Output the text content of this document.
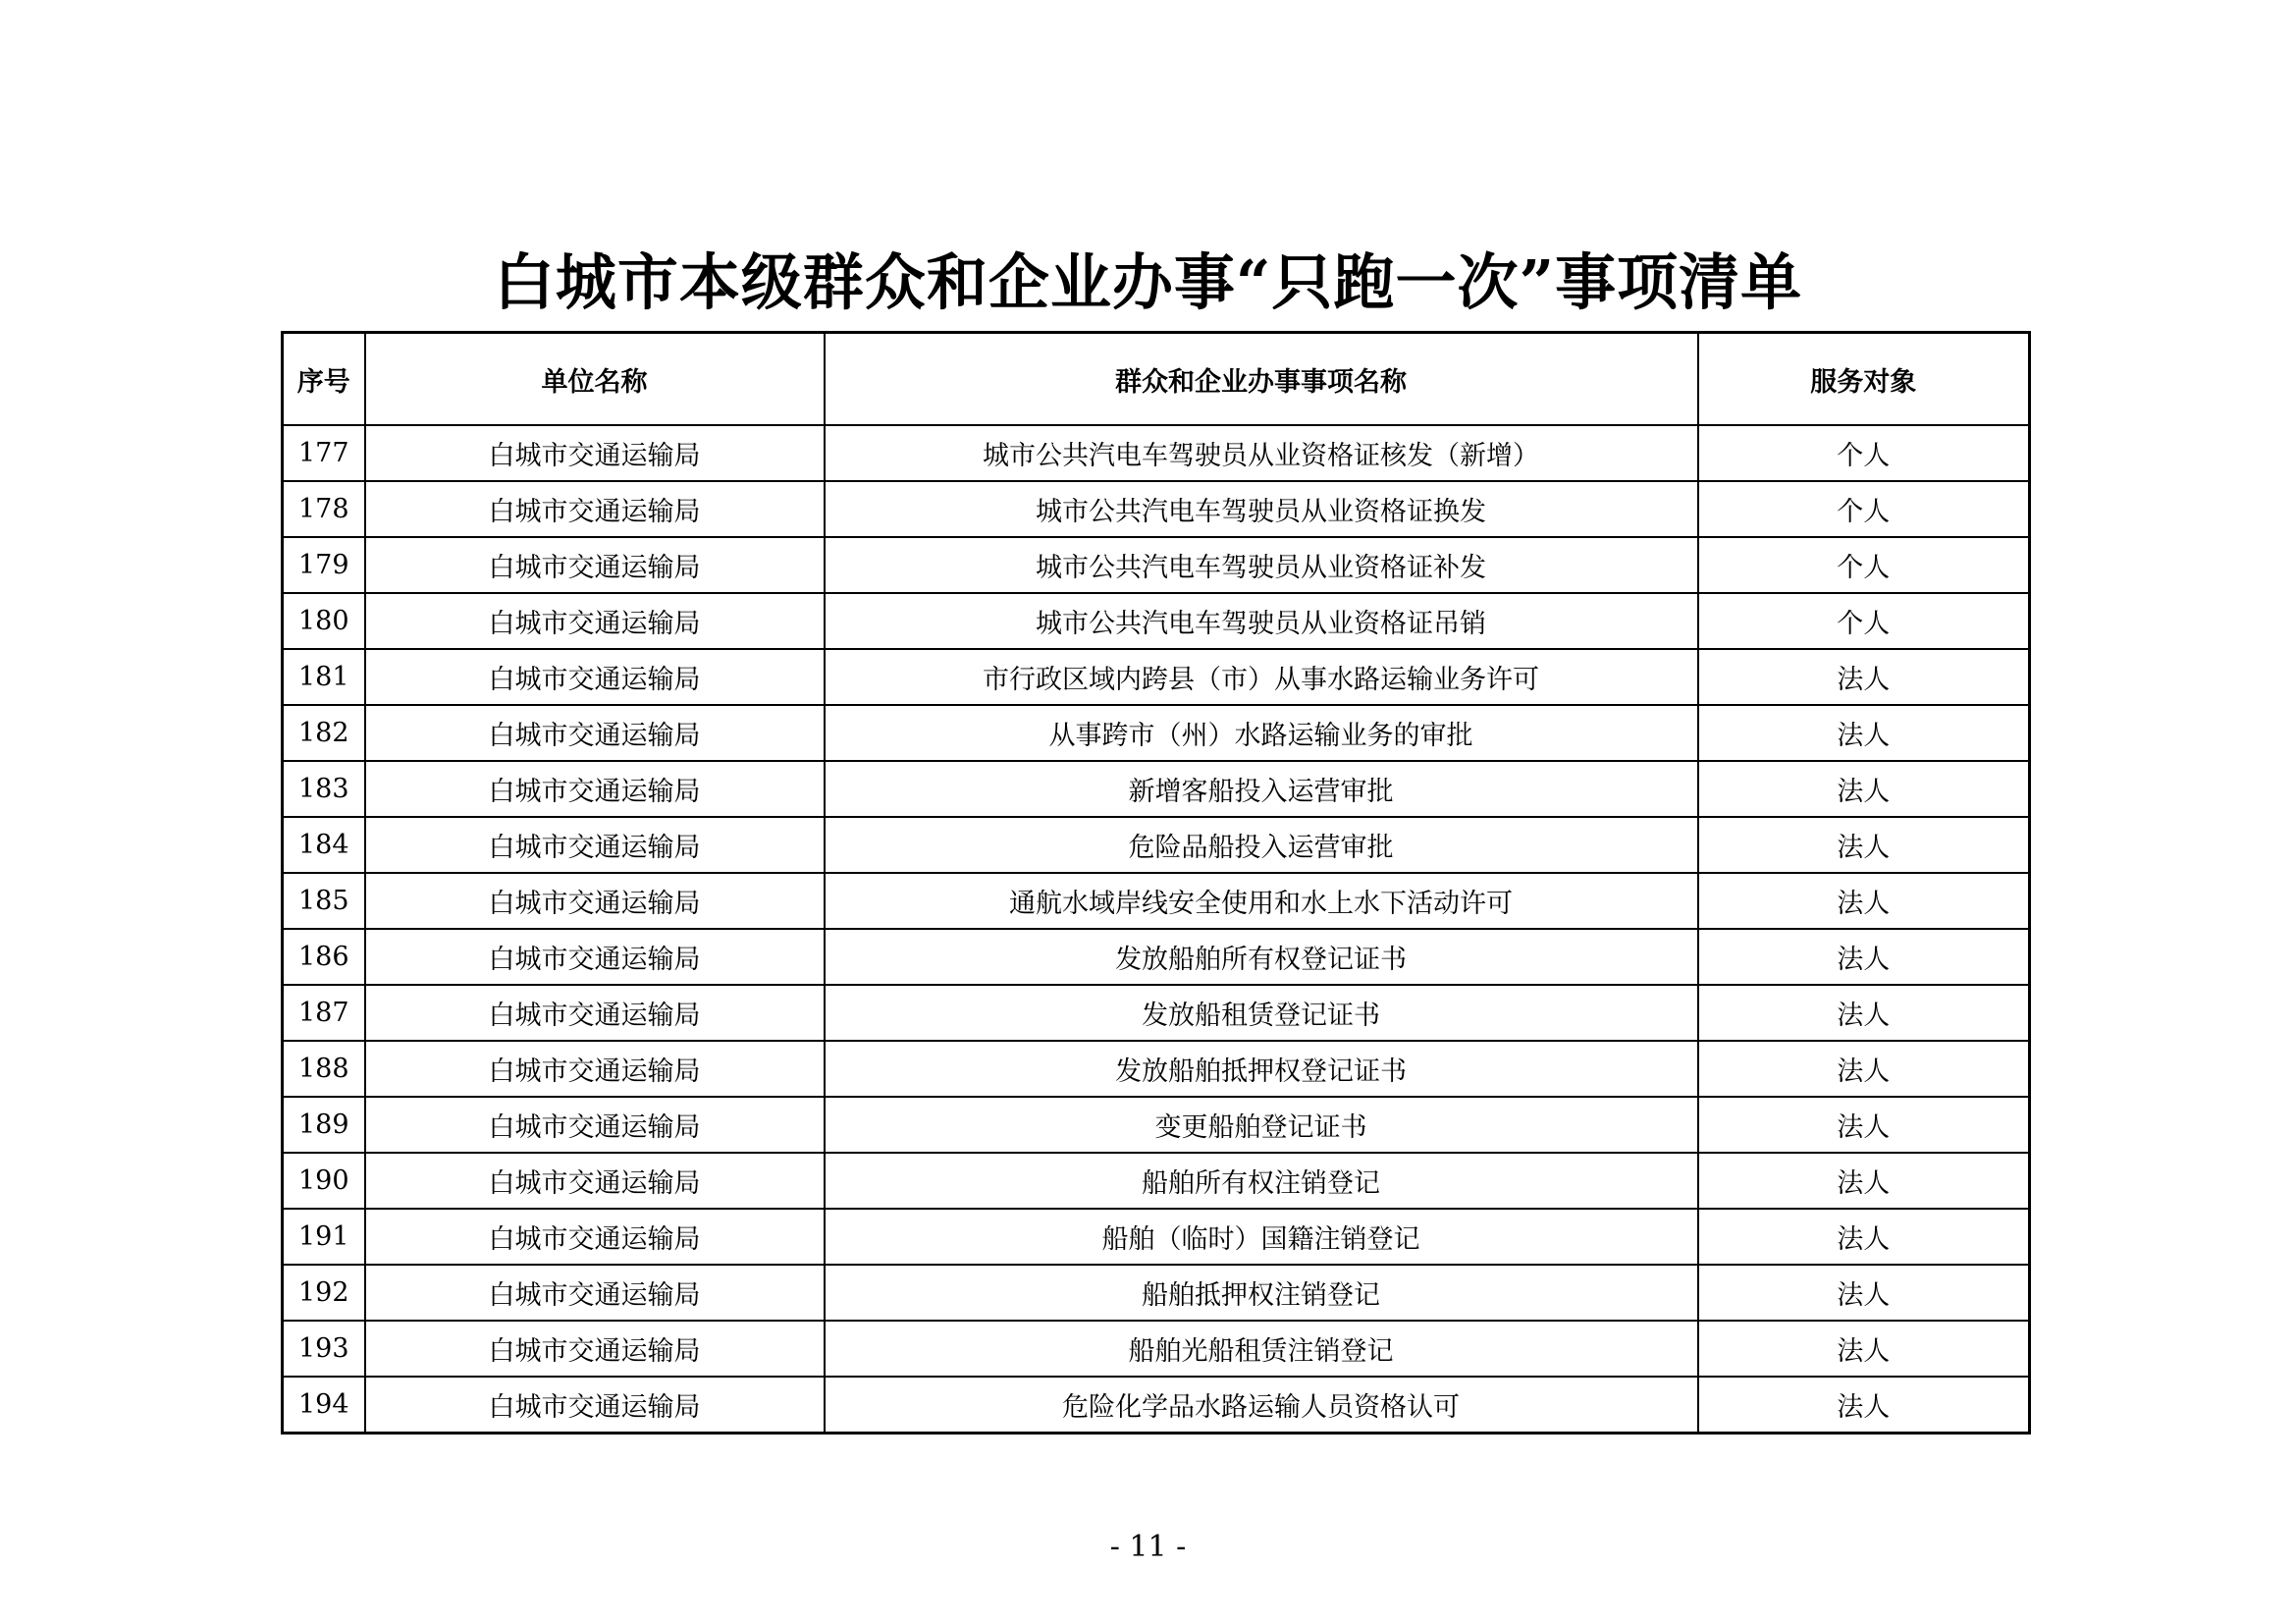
白城市本级群众和企业办事“只跑一次”事项清单
序号	单位名称	群众和企业办事事项名称	服务对象
177	白城市交通运输局	城市公共汽电车驾驶员从业资格证核发（新增）	个人
178	白城市交通运输局	城市公共汽电车驾驶员从业资格证换发	个人
179	白城市交通运输局	城市公共汽电车驾驶员从业资格证补发	个人
180	白城市交通运输局	城市公共汽电车驾驶员从业资格证吊销	个人
181	白城市交通运输局	市行政区域内跨县（市）从事水路运输业务许可	法人
182	白城市交通运输局	从事跨市（州）水路运输业务的审批	法人
183	白城市交通运输局	新增客船投入运营审批	法人
184	白城市交通运输局	危险品船投入运营审批	法人
185	白城市交通运输局	通航水域岸线安全使用和水上水下活动许可	法人
186	白城市交通运输局	发放船舶所有权登记证书	法人
187	白城市交通运输局	发放船租赁登记证书	法人
188	白城市交通运输局	发放船舶抵押权登记证书	法人
189	白城市交通运输局	变更船舶登记证书	法人
190	白城市交通运输局	船舶所有权注销登记	法人
191	白城市交通运输局	船舶（临时）国籍注销登记	法人
192	白城市交通运输局	船舶抵押权注销登记	法人
193	白城市交通运输局	船舶光船租赁注销登记	法人
194	白城市交通运输局	危险化学品水路运输人员资格认可	法人
- 11 -
